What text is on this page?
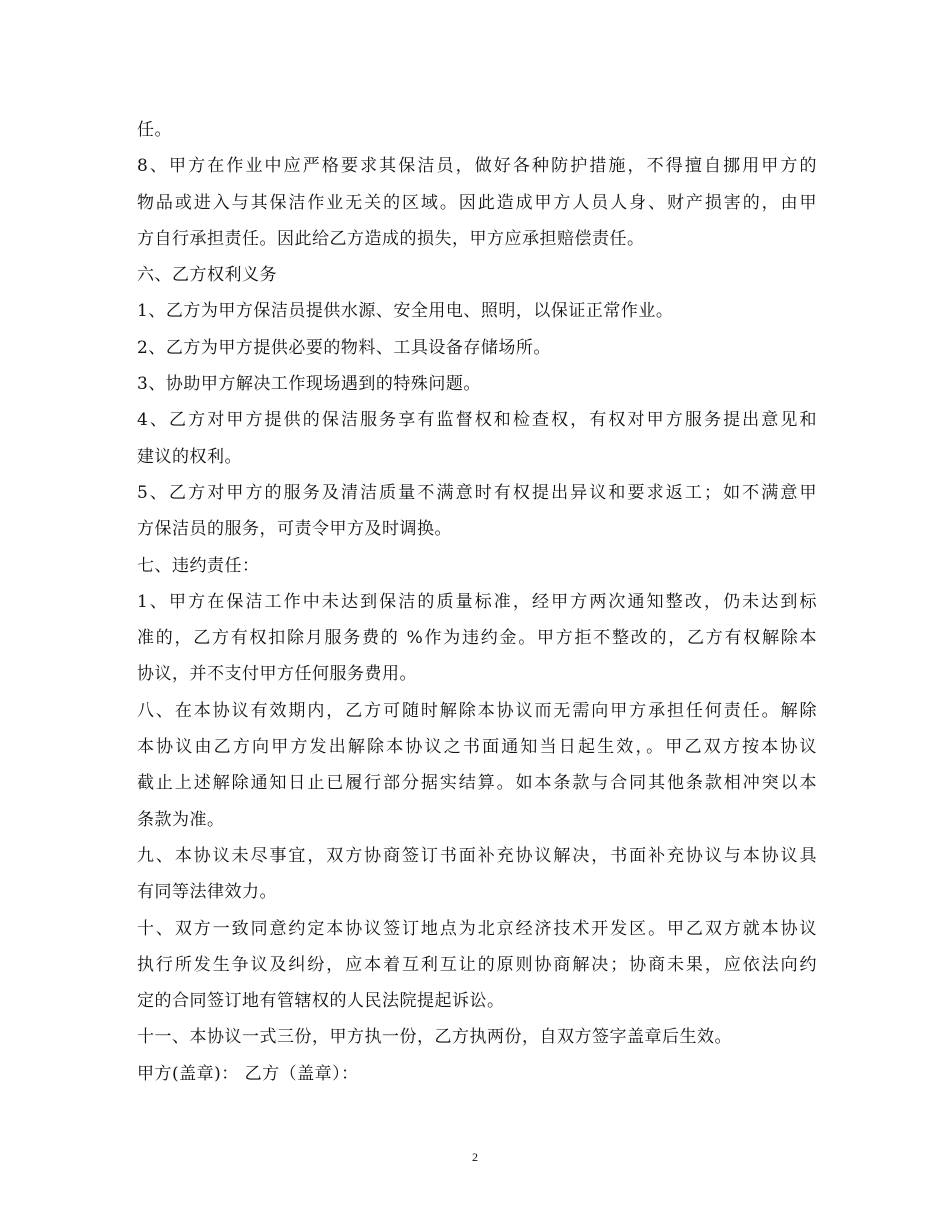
任。
8、甲方在作业中应严格要求其保洁员，做好各种防护措施，不得擅自挪用甲方的
物品或进入与其保洁作业无关的区域。因此造成甲方人员人身、财产损害的，由甲
方自行承担责任。因此给乙方造成的损失，甲方应承担赔偿责任。
六、乙方权利义务
1、乙方为甲方保洁员提供水源、安全用电、照明，以保证正常作业。
2、乙方为甲方提供必要的物料、工具设备存储场所。
3、协助甲方解决工作现场遇到的特殊问题。
4、乙方对甲方提供的保洁服务享有监督权和检查权，有权对甲方服务提出意见和
建议的权利。
5、乙方对甲方的服务及清洁质量不满意时有权提出异议和要求返工；如不满意甲
方保洁员的服务，可责令甲方及时调换。
七、违约责任：
1、甲方在保洁工作中未达到保洁的质量标准，经甲方两次通知整改，仍未达到标
准的，乙方有权扣除月服务费的 %作为违约金。甲方拒不整改的，乙方有权解除本
协议，并不支付甲方任何服务费用。
八、在本协议有效期内，乙方可随时解除本协议而无需向甲方承担任何责任。解除
本协议由乙方向甲方发出解除本协议之书面通知当日起生效，。甲乙双方按本协议
截止上述解除通知日止已履行部分据实结算。如本条款与合同其他条款相冲突以本
条款为准。
九、本协议未尽事宜，双方协商签订书面补充协议解决，书面补充协议与本协议具
有同等法律效力。
十、双方一致同意约定本协议签订地点为北京经济技术开发区。甲乙双方就本协议
执行所发生争议及纠纷，应本着互利互让的原则协商解决；协商未果，应依法向约
定的合同签订地有管辖权的人民法院提起诉讼。
十一、本协议一式三份，甲方执一份，乙方执两份，自双方签字盖章后生效。
甲方(盖章)： 乙方（盖章）：
2
